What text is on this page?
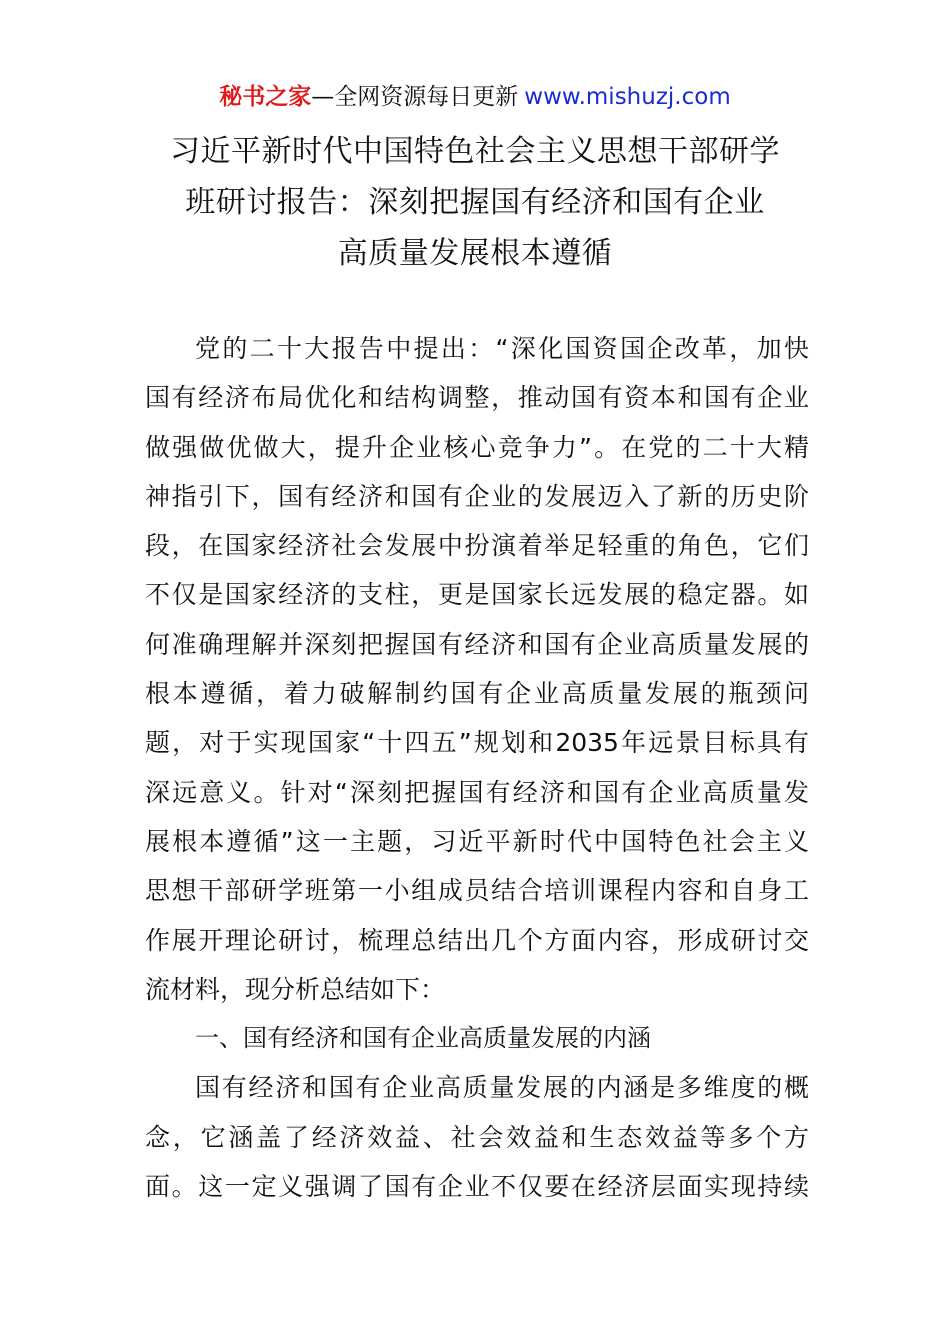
秘书之家—全网资源每日更新 www.mishuzj.com
习近平新时代中国特色社会主义思想干部研学
班研讨报告：深刻把握国有经济和国有企业
高质量发展根本遵循
党的二十大报告中提出：“深化国资国企改革，加快
国有经济布局优化和结构调整，推动国有资本和国有企业
做强做优做大，提升企业核心竞争力”。在党的二十大精
神指引下，国有经济和国有企业的发展迈入了新的历史阶
段，在国家经济社会发展中扮演着举足轻重的角色，它们
不仅是国家经济的支柱，更是国家长远发展的稳定器。如
何准确理解并深刻把握国有经济和国有企业高质量发展的
根本遵循，着力破解制约国有企业高质量发展的瓶颈问
题，对于实现国家“十四五”规划和2035年远景目标具有
深远意义。针对“深刻把握国有经济和国有企业高质量发
展根本遵循”这一主题，习近平新时代中国特色社会主义
思想干部研学班第一小组成员结合培训课程内容和自身工
作展开理论研讨，梳理总结出几个方面内容，形成研讨交
流材料，现分析总结如下：
一、国有经济和国有企业高质量发展的内涵
国有经济和国有企业高质量发展的内涵是多维度的概
念，它涵盖了经济效益、社会效益和生态效益等多个方
面。这一定义强调了国有企业不仅要在经济层面实现持续
